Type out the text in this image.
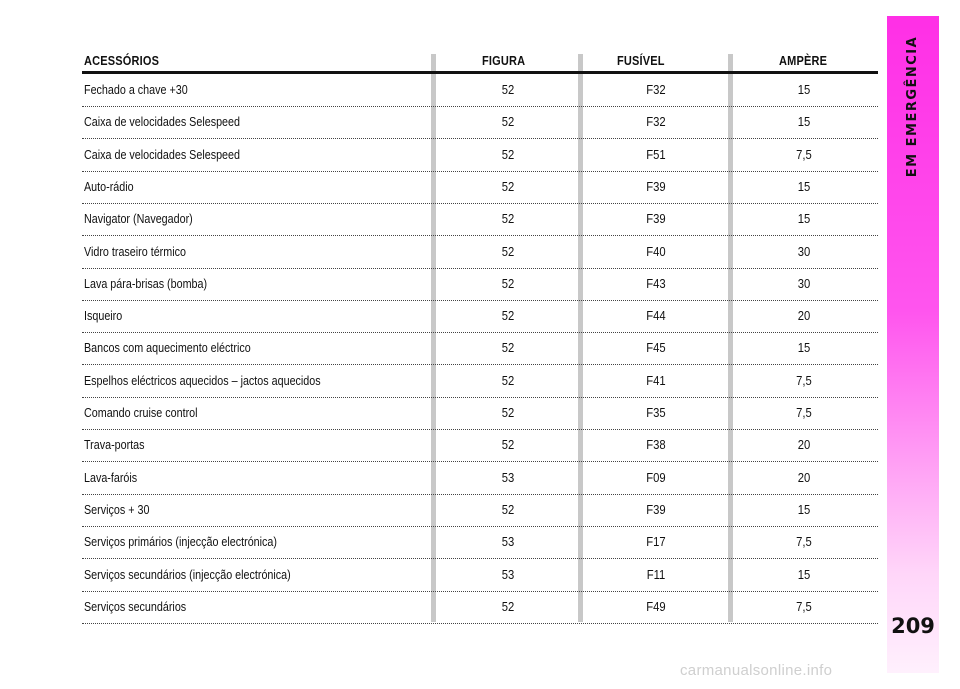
EM EMERGÊNCIA
209
ACESSÓRIOS	FIGURA	FUSÍVEL	AMPÈRE
Fechado a chave +30	52	F32	15
Caixa de velocidades Selespeed	52	F32	15
Caixa de velocidades Selespeed	52	F51	7,5
Auto-rádio	52	F39	15
Navigator (Navegador)	52	F39	15
Vidro traseiro térmico	52	F40	30
Lava pára-brisas (bomba)	52	F43	30
Isqueiro	52	F44	20
Bancos com aquecimento eléctrico	52	F45	15
Espelhos eléctricos aquecidos – jactos aquecidos	52	F41	7,5
Comando cruise control	52	F35	7,5
Trava-portas	52	F38	20
Lava-faróis	53	F09	20
Serviços + 30	52	F39	15
Serviços primários (injecção electrónica)	53	F17	7,5
Serviços secundários (injecção electrónica)	53	F11	15
Serviços secundários	52	F49	7,5
carmanualsonline.info
